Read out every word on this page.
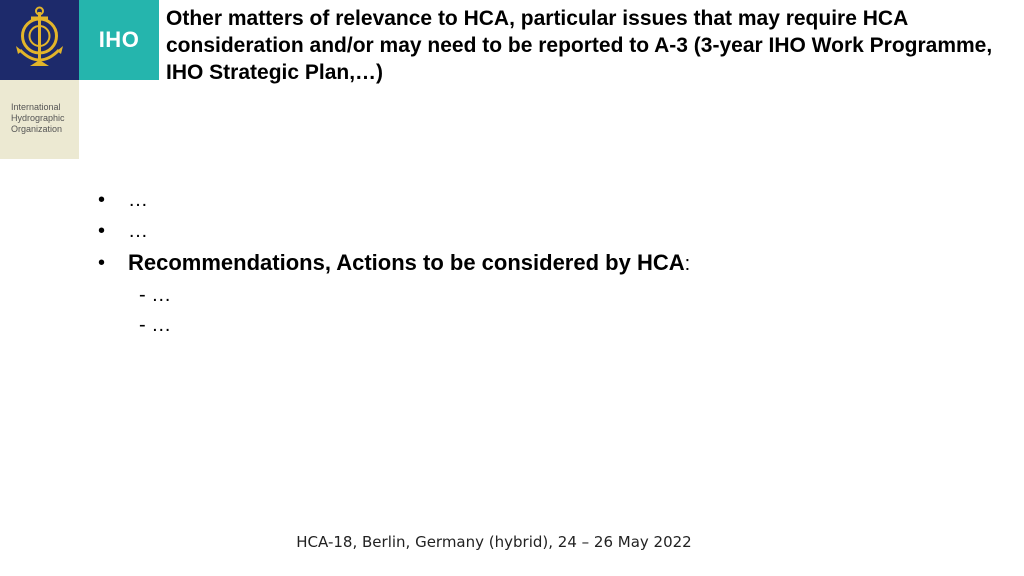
IHO
International
Hydrographic
Organization
Other matters of relevance to HCA, particular issues that may require HCA consideration and/or may need to be reported to A-3 (3-year IHO Work Programme, IHO Strategic Plan,…)
•	…
•	…
•	Recommendations, Actions to be considered by HCA:
- …
- …
HCA-18, Berlin, Germany (hybrid), 24 – 26 May 2022
